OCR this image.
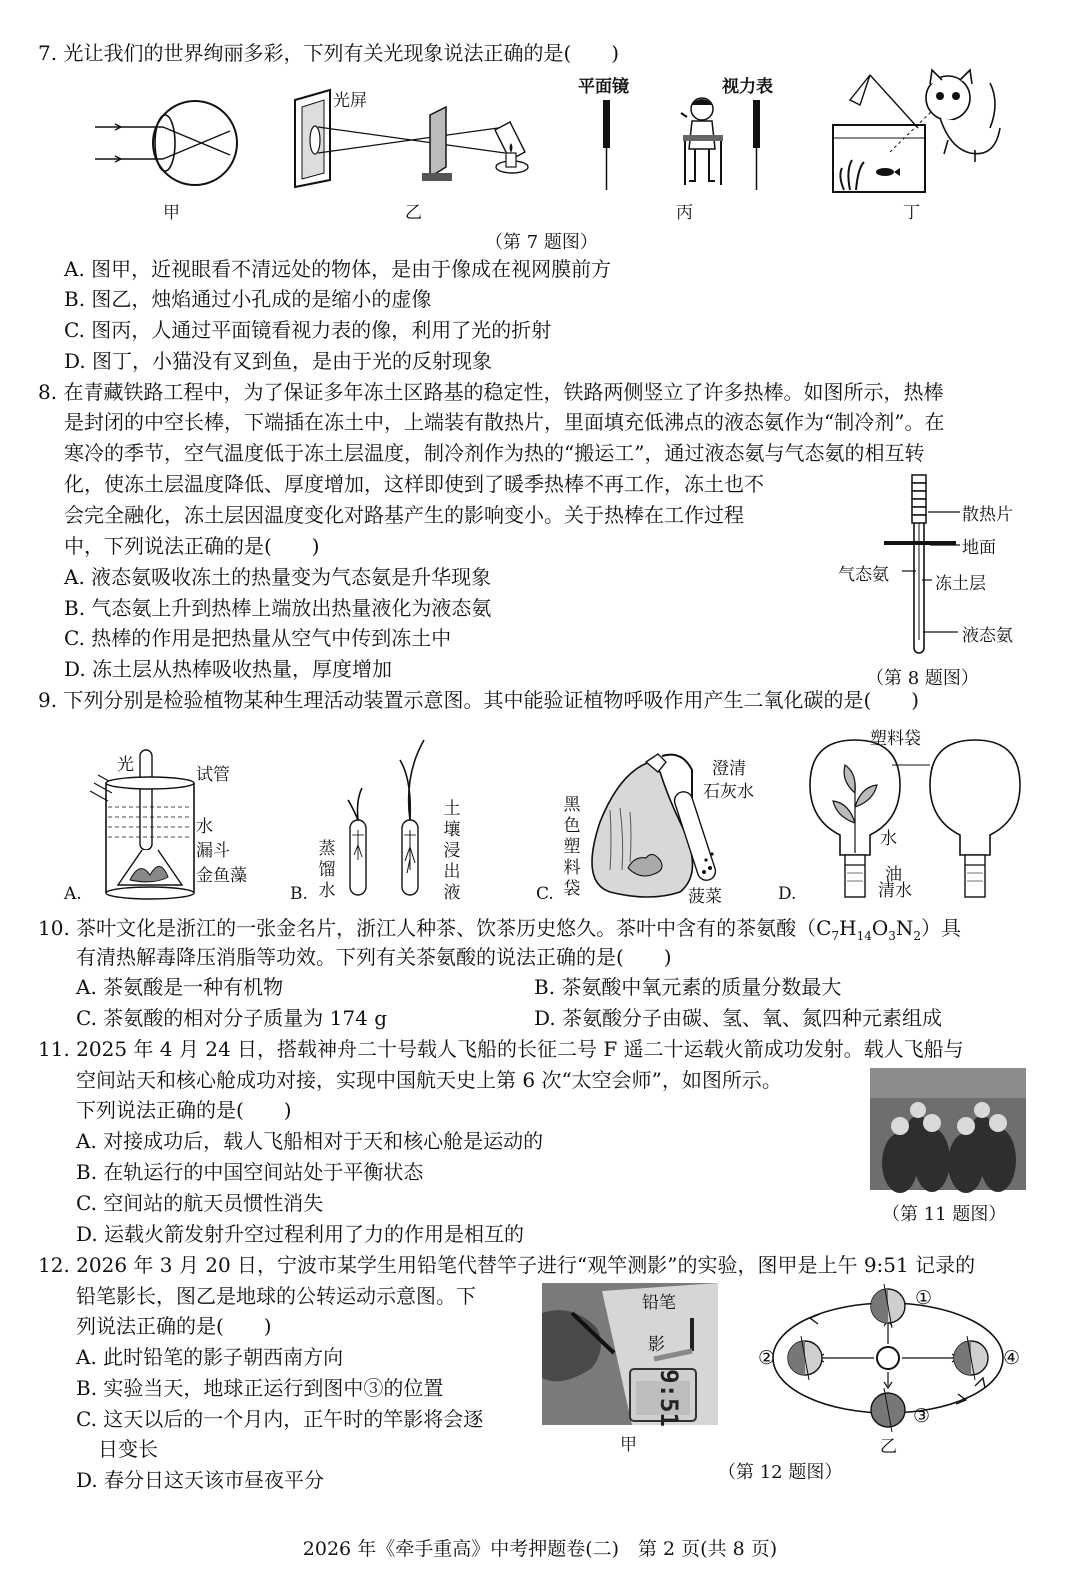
7. 光让我们的世界绚丽多彩，下列有关光现象说法正确的是(　　)
甲
光屏
乙
平面镜	视力表
丙	丁
（第 7 题图）
A. 图甲，近视眼看不清远处的物体，是由于像成在视网膜前方
B. 图乙，烛焰通过小孔成的是缩小的虚像
C. 图丙，人通过平面镜看视力表的像，利用了光的折射
D. 图丁，小猫没有叉到鱼，是由于光的反射现象
8. 在青藏铁路工程中，为了保证多年冻土区路基的稳定性，铁路两侧竖立了许多热棒。如图所示，热棒
是封闭的中空长棒，下端插在冻土中，上端装有散热片，里面填充低沸点的液态氨作为“制冷剂”。在
寒冷的季节，空气温度低于冻土层温度，制冷剂作为热的“搬运工”，通过液态氨与气态氨的相互转
化，使冻土层温度降低、厚度增加，这样即使到了暖季热棒不再工作，冻土也不
会完全融化，冻土层因温度变化对路基产生的影响变小。关于热棒在工作过程
中，下列说法正确的是(　　)
A. 液态氨吸收冻土的热量变为气态氨是升华现象
B. 气态氨上升到热棒上端放出热量液化为液态氨
C. 热棒的作用是把热量从空气中传到冻土中
D. 冻土层从热棒吸收热量，厚度增加
散热片
地面
气态氨	冻土层
液态氨
（第 8 题图）
9. 下列分别是检验植物某种生理活动装置示意图。其中能验证植物呼吸作用产生二氧化碳的是(　　)
光	试管
水
漏斗
金鱼藻
A.
蒸馏水
土壤浸出液
B.
黑色塑料袋
澄清
石灰水
菠菜
C.
塑料袋
水
油
清水
D.
10. 茶叶文化是浙江的一张金名片，浙江人种茶、饮茶历史悠久。茶叶中含有的茶氨酸$(C_7H_{14}O_3N_2)$具
有清热解毒降压消脂等功效。下列有关茶氨酸的说法正确的是(　　)
A. 茶氨酸是一种有机物	B. 茶氨酸中氧元素的质量分数最大
C. 茶氨酸的相对分子质量为 174 g	D. 茶氨酸分子由碳、氢、氧、氮四种元素组成
11. 2025 年 4 月 24 日，搭载神舟二十号载人飞船的长征二号 F 遥二十运载火箭成功发射。载人飞船与
空间站天和核心舱成功对接，实现中国航天史上第 6 次“太空会师”，如图所示。
下列说法正确的是(　　)
A. 对接成功后，载人飞船相对于天和核心舱是运动的
B. 在轨运行的中国空间站处于平衡状态
C. 空间站的航天员惯性消失
D. 运载火箭发射升空过程利用了力的作用是相互的
（第 11 题图）
12. 2026 年 3 月 20 日，宁波市某学生用铅笔代替竿子进行“观竿测影”的实验，图甲是上午 9:51 记录的
铅笔影长，图乙是地球的公转运动示意图。下
列说法正确的是(　　)
A. 此时铅笔的影子朝西南方向
B. 实验当天，地球正运行到图中③的位置
C. 这天以后的一个月内，正午时的竿影将会逐
日变长
D. 春分日这天该市昼夜平分
铅笔
影
9:51
甲
①
②
③
④
乙
（第 12 题图）
2026 年《牵手重高》中考押题卷(二)　第 2 页(共 8 页)
